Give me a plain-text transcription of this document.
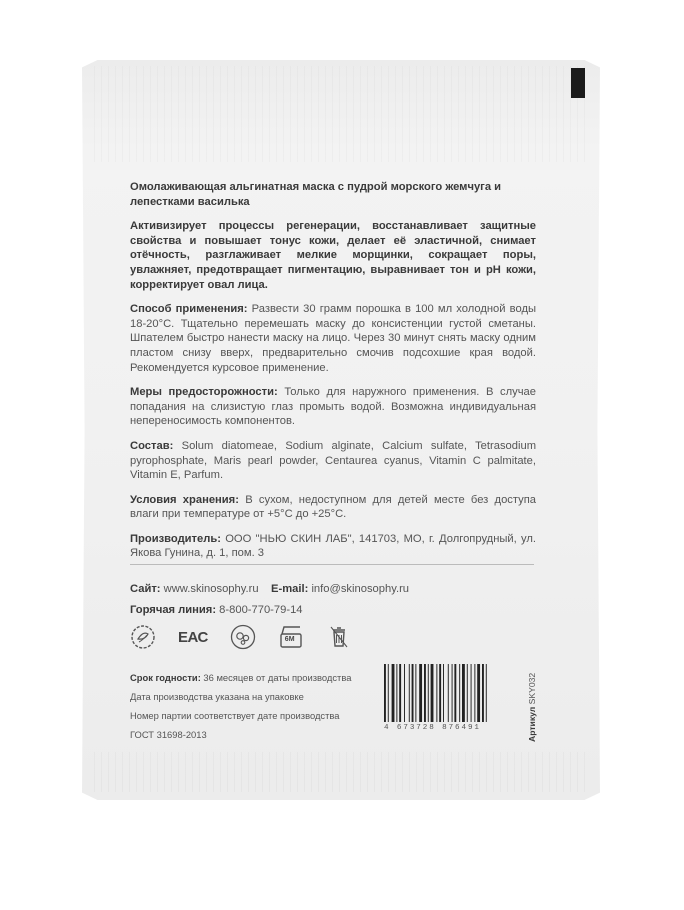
Омолаживающая альгинатная маска с пудрой морского жемчуга и лепестками василька
Активизирует процессы регенерации, восстанавливает защитные свойства и повышает тонус кожи, делает её эластичной, снимает отёчность, разглаживает мелкие морщинки, сокращает поры, увлажняет, предотвращает пигментацию, выравнивает тон и pH кожи, корректирует овал лица.

Способ применения: Развести 30 грамм порошка в 100 мл холодной воды 18-20°C. Тщательно перемешать маску до консистенции густой сметаны. Шпателем быстро нанести маску на лицо. Через 30 минут снять маску одним пластом снизу вверх, предварительно смочив подсохшие края водой. Рекомендуется курсовое применение.

Меры предосторожности: Только для наружного применения. В случае попадания на слизистую глаз промыть водой. Возможна индивидуальная непереносимость компонентов.

Состав: Solum diatomeae, Sodium alginate, Calcium sulfate, Tetrasodium pyrophosphate, Maris pearl powder, Centaurea cyanus, Vitamin C palmitate, Vitamin E, Parfum.

Условия хранения: В сухом, недоступном для детей месте без доступа влаги при температуре от +5°C до +25°C.

Производитель: ООО "НЬЮ СКИН ЛАБ", 141703, МО, г. Долгопрудный, ул. Якова Гунина, д. 1, пом. 3

Сайт: www.skinosophy.ru E-mail: info@skinosophy.ru
Горячая линия: 8-800-770-79-14
ЕАС	6M
Срок годности: 36 месяцев от даты производства
Дата производства указана на упаковке
Номер партии соответствует дате производства
ГОСТ 31698-2013
4 673728 876491	Артикул SKY032
